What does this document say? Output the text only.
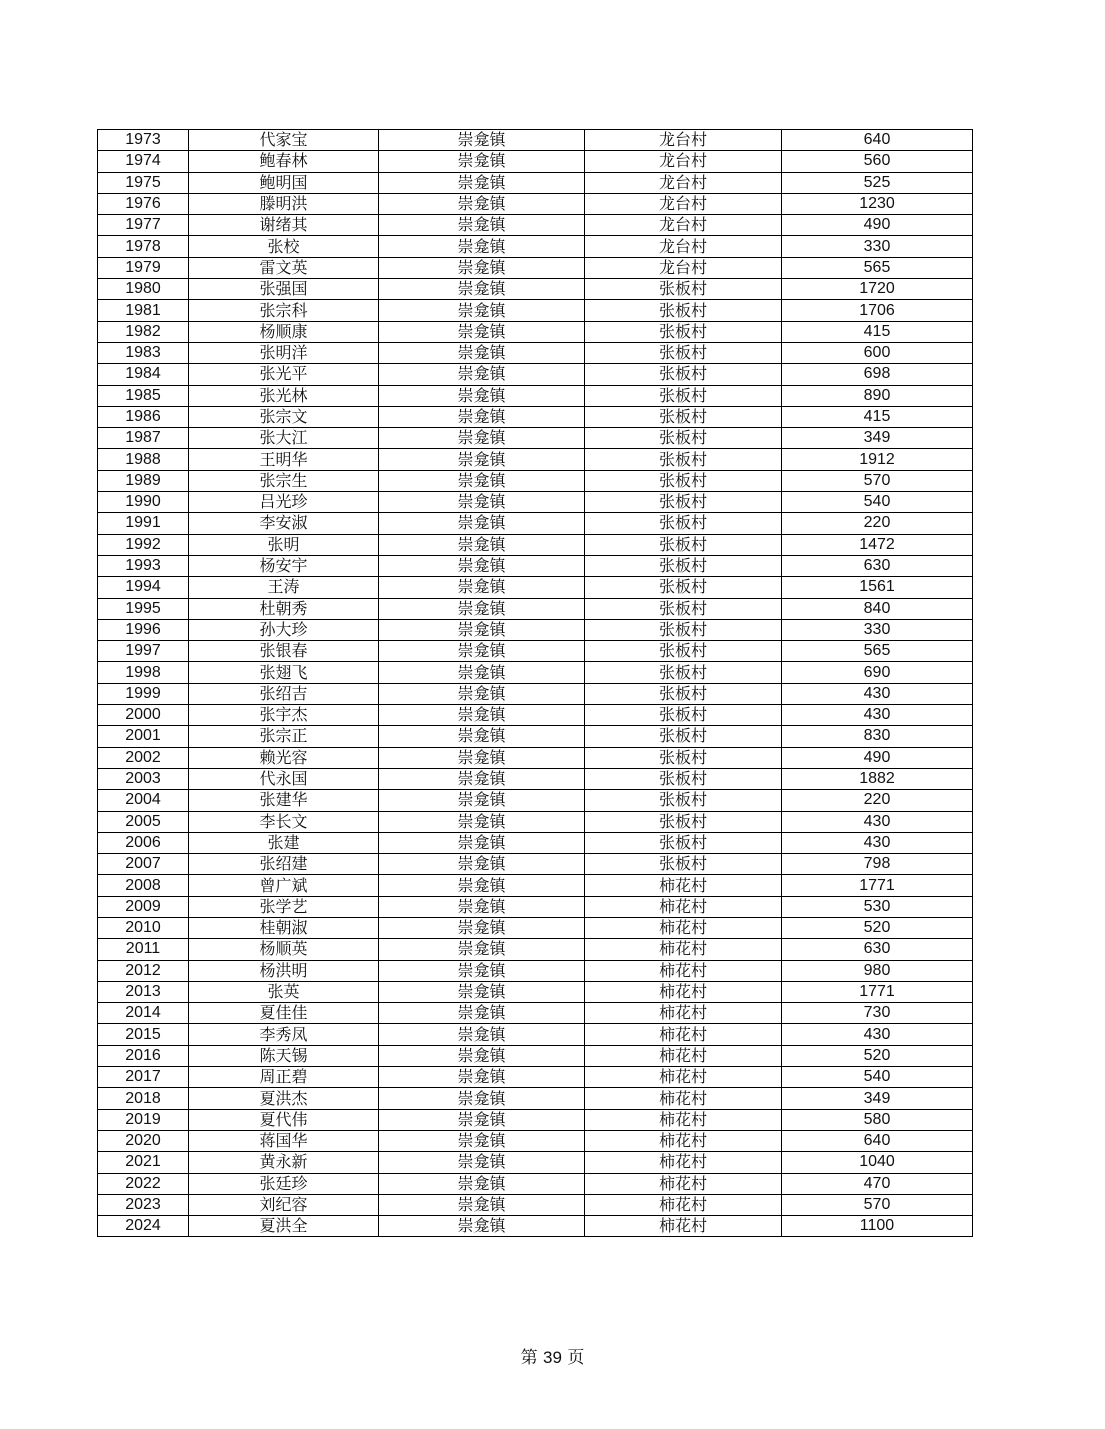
1973	代家宝	崇龛镇	龙台村	640
1974	鲍春林	崇龛镇	龙台村	560
1975	鲍明国	崇龛镇	龙台村	525
1976	滕明洪	崇龛镇	龙台村	1230
1977	谢绪其	崇龛镇	龙台村	490
1978	张校	崇龛镇	龙台村	330
1979	雷文英	崇龛镇	龙台村	565
1980	张强国	崇龛镇	张板村	1720
1981	张宗科	崇龛镇	张板村	1706
1982	杨顺康	崇龛镇	张板村	415
1983	张明洋	崇龛镇	张板村	600
1984	张光平	崇龛镇	张板村	698
1985	张光林	崇龛镇	张板村	890
1986	张宗文	崇龛镇	张板村	415
1987	张大江	崇龛镇	张板村	349
1988	王明华	崇龛镇	张板村	1912
1989	张宗生	崇龛镇	张板村	570
1990	吕光珍	崇龛镇	张板村	540
1991	李安淑	崇龛镇	张板村	220
1992	张明	崇龛镇	张板村	1472
1993	杨安宇	崇龛镇	张板村	630
1994	王涛	崇龛镇	张板村	1561
1995	杜朝秀	崇龛镇	张板村	840
1996	孙大珍	崇龛镇	张板村	330
1997	张银春	崇龛镇	张板村	565
1998	张翅飞	崇龛镇	张板村	690
1999	张绍吉	崇龛镇	张板村	430
2000	张宇杰	崇龛镇	张板村	430
2001	张宗正	崇龛镇	张板村	830
2002	赖光容	崇龛镇	张板村	490
2003	代永国	崇龛镇	张板村	1882
2004	张建华	崇龛镇	张板村	220
2005	李长文	崇龛镇	张板村	430
2006	张建	崇龛镇	张板村	430
2007	张绍建	崇龛镇	张板村	798
2008	曾广斌	崇龛镇	柿花村	1771
2009	张学艺	崇龛镇	柿花村	530
2010	桂朝淑	崇龛镇	柿花村	520
2011	杨顺英	崇龛镇	柿花村	630
2012	杨洪明	崇龛镇	柿花村	980
2013	张英	崇龛镇	柿花村	1771
2014	夏佳佳	崇龛镇	柿花村	730
2015	李秀凤	崇龛镇	柿花村	430
2016	陈天锡	崇龛镇	柿花村	520
2017	周正碧	崇龛镇	柿花村	540
2018	夏洪杰	崇龛镇	柿花村	349
2019	夏代伟	崇龛镇	柿花村	580
2020	蒋国华	崇龛镇	柿花村	640
2021	黄永新	崇龛镇	柿花村	1040
2022	张廷珍	崇龛镇	柿花村	470
2023	刘纪容	崇龛镇	柿花村	570
2024	夏洪全	崇龛镇	柿花村	1100
第 39 页
